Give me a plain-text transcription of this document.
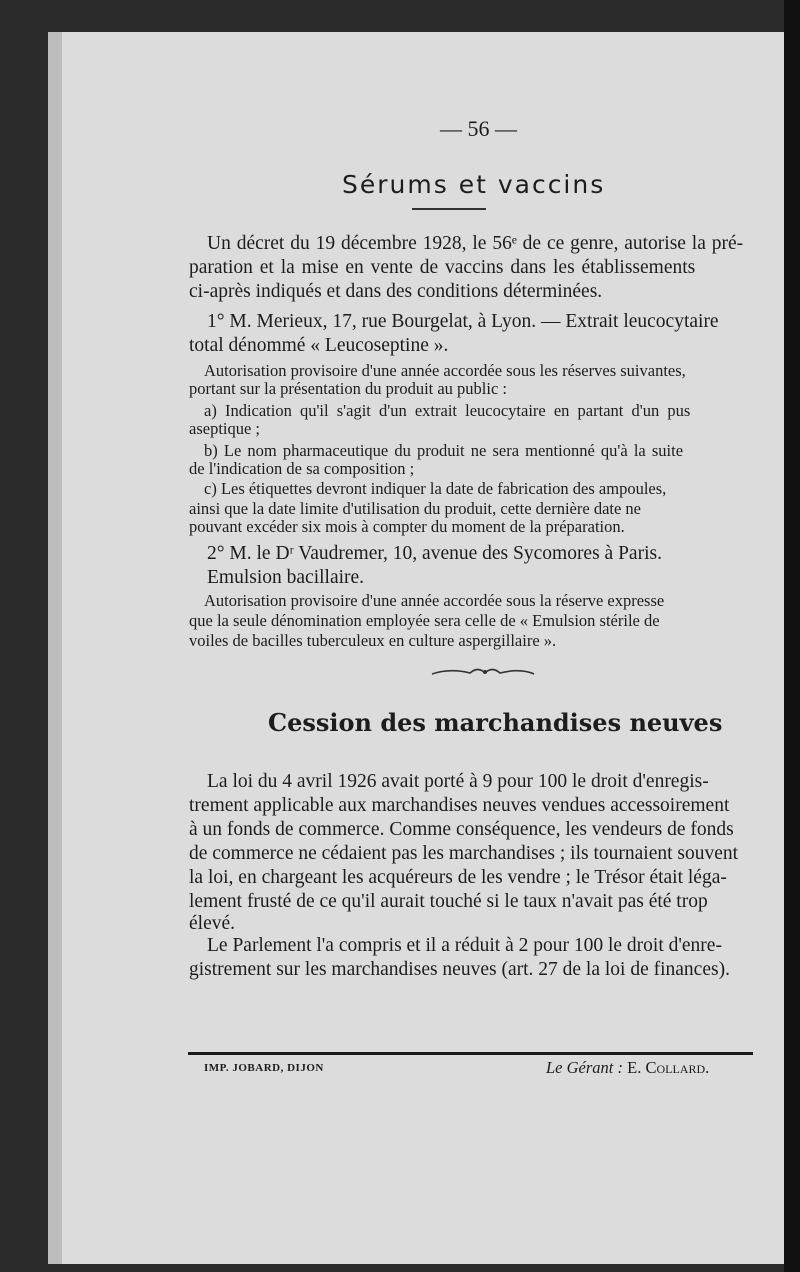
— 56 —
Sérums et vaccins
Un décret du 19 décembre 1928, le 56ᵉ de ce genre, autorise la pré-
paration et la mise en vente de vaccins dans les établissements
ci-après indiqués et dans des conditions déterminées.
1° M. Merieux, 17, rue Bourgelat, à Lyon. — Extrait leucocytaire
total dénommé « Leucoseptine ».
Autorisation provisoire d'une année accordée sous les réserves suivantes,
portant sur la présentation du produit au public :
a) Indication qu'il s'agit d'un extrait leucocytaire en partant d'un pus
aseptique ;
b) Le nom pharmaceutique du produit ne sera mentionné qu'à la suite
de l'indication de sa composition ;
c) Les étiquettes devront indiquer la date de fabrication des ampoules,
ainsi que la date limite d'utilisation du produit, cette dernière date ne
pouvant excéder six mois à compter du moment de la préparation.
2° M. le Dʳ Vaudremer, 10, avenue des Sycomores à Paris.
Emulsion bacillaire.
Autorisation provisoire d'une année accordée sous la réserve expresse
que la seule dénomination employée sera celle de « Emulsion stérile de
voiles de bacilles tuberculeux en culture aspergillaire ».
Cession des marchandises neuves
La loi du 4 avril 1926 avait porté à 9 pour 100 le droit d'enregis-
trement applicable aux marchandises neuves vendues accessoirement
à un fonds de commerce. Comme conséquence, les vendeurs de fonds
de commerce ne cédaient pas les marchandises ; ils tournaient souvent
la loi, en chargeant les acquéreurs de les vendre ; le Trésor était léga-
lement frusté de ce qu'il aurait touché si le taux n'avait pas été trop
élevé.
Le Parlement l'a compris et il a réduit à 2 pour 100 le droit d'enre-
gistrement sur les marchandises neuves (art. 27 de la loi de finances).
IMP. JOBARD, DIJON	Le Gérant : E. Collard.
